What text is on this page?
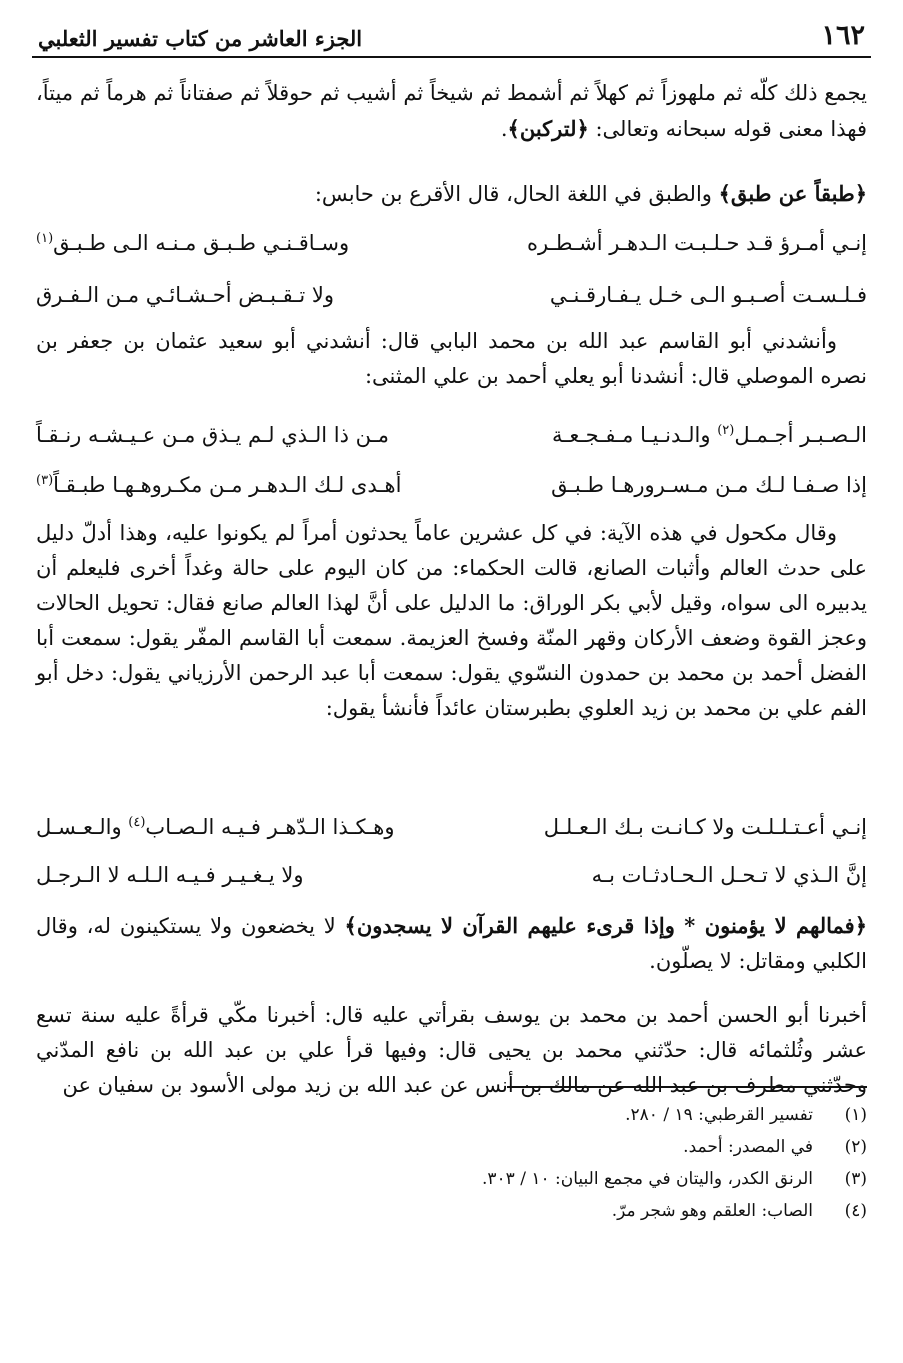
١٦٢
الجزء العاشر من كتاب تفسير الثعلبي

يجمع ذلك كلّه ثم ملهوزاً ثم كهلاً ثم أشمط ثم شيخاً ثم أشيب ثم حوقلاً ثم صفتاناً ثم هرماً ثم ميتاً، فهذا معنى قوله سبحانه وتعالى: ﴿لتركبن﴾.

﴿طبقاً عن طبق﴾ والطبق في اللغة الحال، قال الأقرع بن حابس:

إنـي أمـرؤ قـد حـلـبـت الـدهـر أشـطـره
وسـاقـنـي طـبـق مـنـه الـى طـبـق$^{(١)}$
فـلـسـت أصـبـو الـى خـل يـفـارقـنـي
ولا تـقـبـض أحـشـائـي مـن الـفـرق

وأنشدني أبو القاسم عبد الله بن محمد البابي قال: أنشدني أبو سعيد عثمان بن جعفر بن نصره الموصلي قال: أنشدنا أبو يعلي أحمد بن علي المثنى:

الـصـبـر أجـمـل$^{(٢)}$ والـدنـيـا مـفـجـعـة
مـن ذا الـذي لـم يـذق مـن عـيـشـه رنـقـاً
إذا صـفـا لـك مـن مـسـرورهـا طـبـق
أهـدى لـك الـدهـر مـن مكـروهـهـا طبـقـاً$^{(٣)}$

وقال مكحول في هذه الآية: في كل عشرين عاماً يحدثون أمراً لم يكونوا عليه، وهذا أدلّ دليل على حدث العالم وأثبات الصانع، قالت الحكماء: من كان اليوم على حالة وغداً أخرى فليعلم أن يدبيره الى سواه، وقيل لأبي بكر الوراق: ما الدليل على أنَّ لهذا العالم صانع فقال: تحويل الحالات وعجز القوة وضعف الأركان وقهر المنّة وفسخ العزيمة. سمعت أبا القاسم المفّر يقول: سمعت أبا الفضل أحمد بن محمد بن حمدون النسّوي يقول: سمعت أبا عبد الرحمن الأرزياني يقول: دخل أبو الفم علي بن محمد بن زيد العلوي بطبرستان عائداً فأنشأ يقول:

إنـي أعـتـلـلـت ولا كـانـت بـك الـعـلـل
وهـكـذا الـدّهـر فـيـه الـصـاب$^{(٤)}$ والـعـسـل
إنَّ الـذي لا تـحـل الـحـادثـات بـه
ولا يـغـيـر فـيـه الـلـه لا الـرجـل

﴿فمالهم لا يؤمنون * وإذا قرىء عليهم القرآن لا يسجدون﴾ لا يخضعون ولا يستكينون له، وقال الكلبي ومقاتل: لا يصلّون.

أخبرنا أبو الحسن أحمد بن محمد بن يوسف بقرأتي عليه قال: أخبرنا مكّي قرأةً عليه سنة تسع عشر وثُلثمائه قال: حدّثني محمد بن يحيى قال: وفيها قرأ علي بن عبد الله بن نافع المدّني وحدّثني مطرف بن عبد الله عن مالك بن أنس عن عبد الله بن زيد مولى الأسود بن سفيان عن

(١)تفسير القرطبي: ١٩ / ٢٨٠.
(٢)في المصدر: أحمد.
(٣)الرنق الكدر، واليتان في مجمع البيان: ١٠ / ٣٠٣.
(٤)الصاب: العلقم وهو شجر مرّ.
